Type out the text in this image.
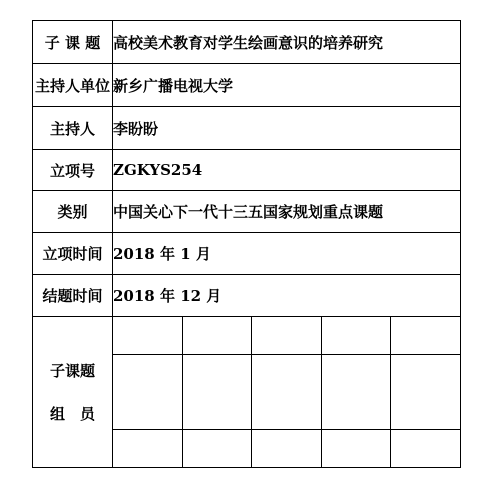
子 课 题	高校美术教育对学生绘画意识的培养研究
主持人单位	新乡广播电视大学
主持人	李盼盼
立项号	ZGKYS254
类别	中国关心下一代十三五国家规划重点课题
立项时间	2018 年 1 月
结题时间	2018 年 12 月

子课题
组　员
